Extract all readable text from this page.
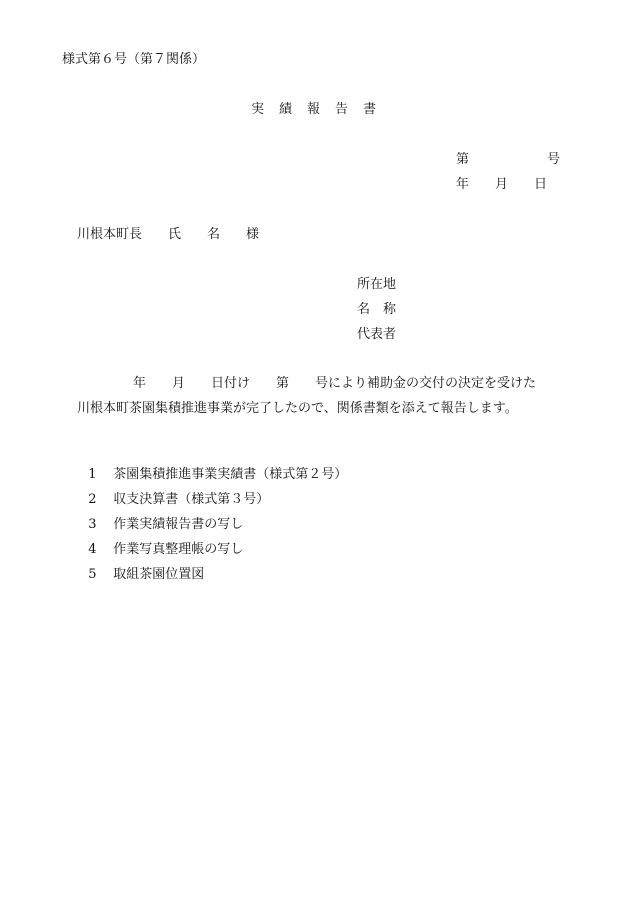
様式第６号（第７関係）
実　績　報　告　書
第　　　　　　号
年　　月　　日
川根本町長　　氏　　名　　様
所在地
名　称
代表者
年　　月　　日付け　　第　　号により補助金の交付の決定を受けた
川根本町茶園集積推進事業が完了したので、関係書類を添えて報告します。

1 茶園集積推進事業実績書（様式第２号）

2 収支決算書（様式第３号）

3 作業実績報告書の写し

4 作業写真整理帳の写し

5 取組茶園位置図
